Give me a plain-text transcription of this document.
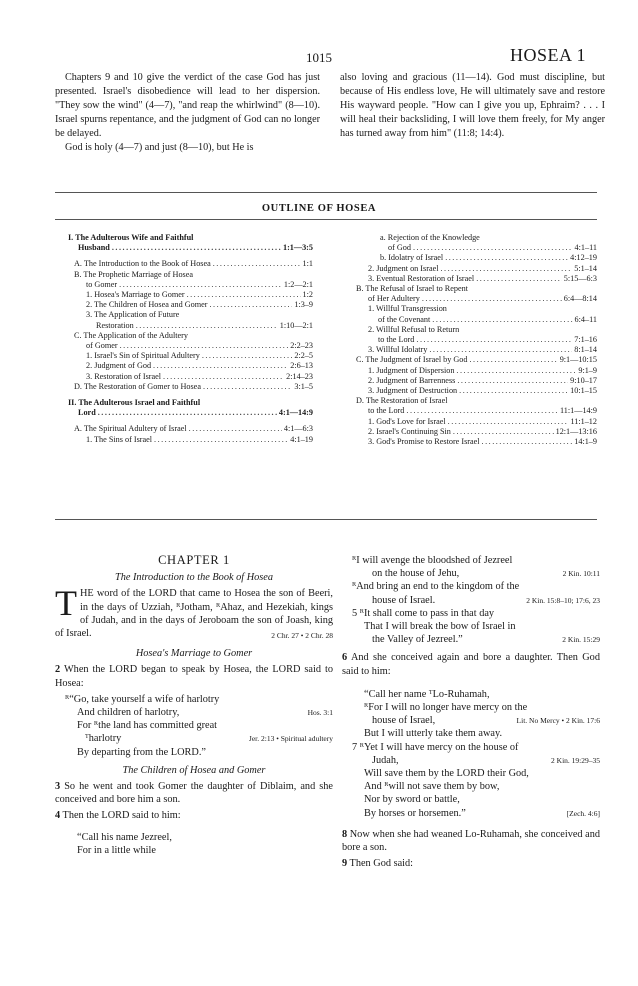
1015	HOSEA 1

Chapters 9 and 10 give the verdict of the case God has just presented. Israel's disobedience will lead to her dispersion. "They sow the wind" (4—7), "and reap the whirlwind" (8—10). Israel spurns repentance, and the judgment of God can no longer be delayed.

God is holy (4—7) and just (8—10), but He is

also loving and gracious (11—14). God must discipline, but because of His endless love, He will ultimately save and restore His wayward people. "How can I give you up, Ephraim? . . . I will heal their backsliding, I will love them freely, for My anger has turned away from him" (11:8; 14:4).

OUTLINE OF HOSEA
I. The Adulterous Wife and Faithful
Husband .....	1:1—3:5
A. The Introduction to the Book of Hosea .....	1:1
B. The Prophetic Marriage of Hosea
to Gomer .....	1:2—2:1
1. Hosea's Marriage to Gomer .....	1:2
2. The Children of Hosea and Gomer .....	1:3–9
3. The Application of Future
Restoration .....	1:10—2:1
C. The Application of the Adultery
of Gomer .....	2:2–23
1. Israel's Sin of Spiritual Adultery .....	2:2–5
2. Judgment of God .....	2:6–13
3. Restoration of Israel .....	2:14–23
D. The Restoration of Gomer to Hosea .....	3:1–5
II. The Adulterous Israel and Faithful
Lord .....	4:1—14:9
A. The Spiritual Adultery of Israel .....	4:1—6:3
1. The Sins of Israel .....	4:1–19
a. Rejection of the Knowledge
of God .....	4:1–11
b. Idolatry of Israel .....	4:12–19
2. Judgment on Israel .....	5:1–14
3. Eventual Restoration of Israel .....	5:15—6:3
B. The Refusal of Israel to Repent
of Her Adultery .....	6:4—8:14
1. Willful Transgression
of the Covenant .....	6:4–11
2. Willful Refusal to Return
to the Lord .....	7:1–16
3. Willful Idolatry .....	8:1–14
C. The Judgment of Israel by God .....	9:1—10:15
1. Judgment of Dispersion .....	9:1–9
2. Judgment of Barrenness .....	9:10–17
3. Judgment of Destruction .....	10:1–15
D. The Restoration of Israel
to the Lord .....	11:1—14:9
1. God's Love for Israel .....	11:1–12
2. Israel's Continuing Sin .....	12:1—13:16
3. God's Promise to Restore Israel .....	14:1–9
CHAPTER 1
The Introduction to the Book of Hosea
T HE word of the LORD that came to Hosea the son of Beeri, in the days of Uzziah, ᴿJotham, ᴿAhaz, and Hezekiah, kings of Judah, and in the days of Jeroboam the son of Joash, king of Israel.	2 Chr. 27 • 2 Chr. 28
Hosea's Marriage to Gomer
2 When the LORD began to speak by Hosea, the LORD said to Hosea:
ᴿ“Go, take yourself a wife of harlotry
And children of harlotry,	Hos. 3:1
For ᴿthe land has committed great
ᵀharlotry	Jer. 2:13 • Spiritual adultery
By departing from the LORD.”
The Children of Hosea and Gomer
3 So he went and took Gomer the daughter of Diblaim, and she conceived and bore him a son.
4 Then the LORD said to him:
“Call his name Jezreel,
For in a little while
ᴿI will avenge the bloodshed of Jezreel
on the house of Jehu,	2 Kin. 10:11
ᴿAnd bring an end to the kingdom of the
house of Israel.	2 Kin. 15:8–10; 17:6, 23
5 ᴿIt shall come to pass in that day
That I will break the bow of Israel in
the Valley of Jezreel.”	2 Kin. 15:29
6 And she conceived again and bore a daughter. Then God said to him:
“Call her name ᵀLo-Ruhamah,
ᴿFor I will no longer have mercy on the
house of Israel,	Lit. No Mercy • 2 Kin. 17:6
But I will utterly take them away.
7 ᴿYet I will have mercy on the house of
Judah,	2 Kin. 19:29–35
Will save them by the LORD their God,
And ᴿwill not save them by bow,
Nor by sword or battle,
By horses or horsemen.”	[Zech. 4:6]
8 Now when she had weaned Lo-Ruhamah, she conceived and bore a son.
9 Then God said:
